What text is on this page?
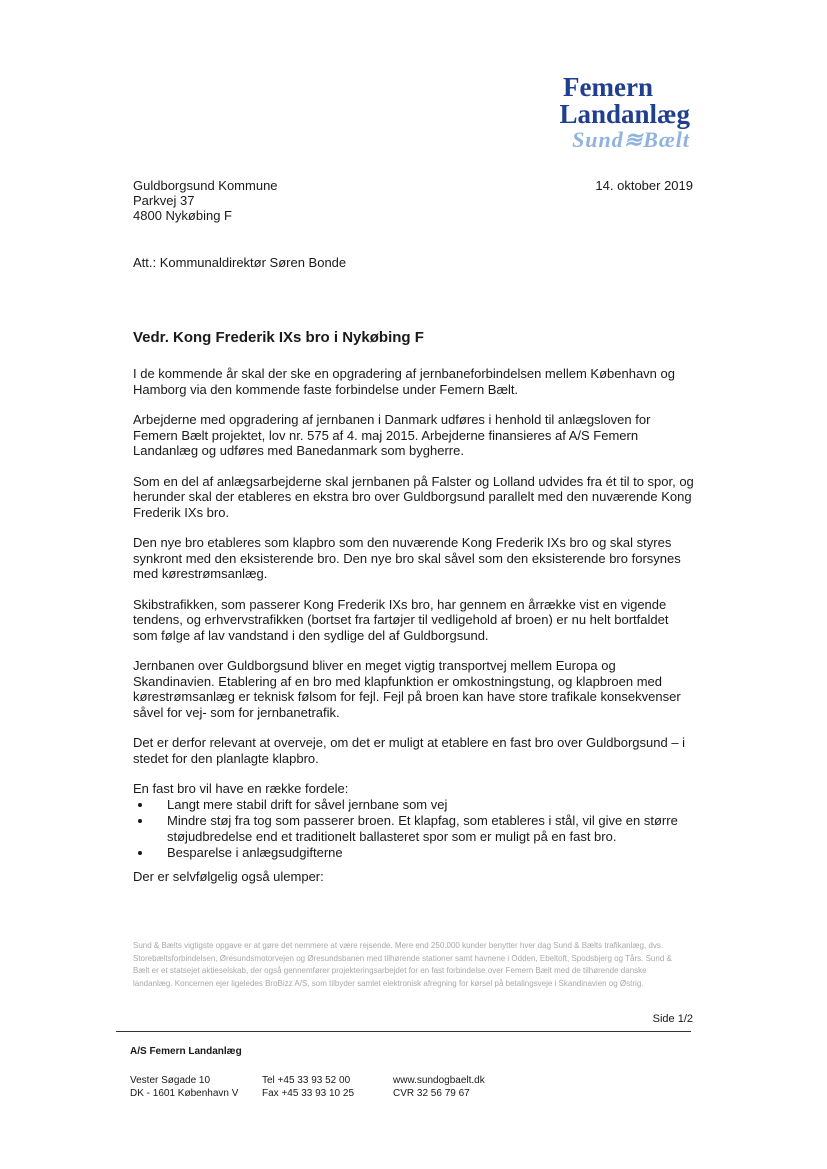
Femern
Landanlæg
Sund≋Bælt
Guldborgsund Kommune
Parkvej 37
4800 Nykøbing F
14. oktober 2019
Att.: Kommunaldirektør Søren Bonde
Vedr. Kong Frederik IXs bro i Nykøbing F

I de kommende år skal der ske en opgradering af jernbaneforbindelsen mellem København og Hamborg via den kommende faste forbindelse under Femern Bælt.

Arbejderne med opgradering af jernbanen i Danmark udføres i henhold til anlægsloven for Femern Bælt projektet, lov nr. 575 af 4. maj 2015. Arbejderne finansieres af A/S Femern Landanlæg og udføres med Banedanmark som bygherre.

Som en del af anlægsarbejderne skal jernbanen på Falster og Lolland udvides fra ét til to spor, og herunder skal der etableres en ekstra bro over Guldborgsund parallelt med den nuværende Kong Frederik IXs bro.

Den nye bro etableres som klapbro som den nuværende Kong Frederik IXs bro og skal styres synkront med den eksisterende bro. Den nye bro skal såvel som den eksisterende bro forsynes med kørestrømsanlæg.

Skibstrafikken, som passerer Kong Frederik IXs bro, har gennem en årrække vist en vigende tendens, og erhvervstrafikken (bortset fra fartøjer til vedligehold af broen) er nu helt bortfaldet som følge af lav vandstand i den sydlige del af Guldborgsund.

Jernbanen over Guldborgsund bliver en meget vigtig transportvej mellem Europa og Skandinavien. Etablering af en bro med klapfunktion er omkostningstung, og klapbroen med kørestrømsanlæg er teknisk følsom for fejl. Fejl på broen kan have store trafikale konsekvenser såvel for vej- som for jernbanetrafik.

Det er derfor relevant at overveje, om det er muligt at etablere en fast bro over Guldborgsund – i stedet for den planlagte klapbro.

En fast bro vil have en række fordele:

• Langt mere stabil drift for såvel jernbane som vej
• Mindre støj fra tog som passerer broen. Et klapfag, som etableres i stål, vil give en større støjudbredelse end et traditionelt ballasteret spor som er muligt på en fast bro.
• Besparelse i anlægsudgifterne

Der er selvfølgelig også ulemper:

Sund & Bælts vigtigste opgave er at gøre det nemmere at være rejsende. Mere end 250.000 kunder benytter hver dag Sund & Bælts trafikanlæg, dvs. Storebæltsforbindelsen, Øresundsmotorvejen og Øresundsbanen med tilhørende stationer samt havnene i Odden, Ebeltoft, Spodsbjerg og Tårs. Sund & Bælt er et statsejet aktieselskab, der også gennemfører projekteringsarbejdet for en fast forbindelse over Femern Bælt med de tilhørende danske landanlæg. Koncernen ejer ligeledes BroBizz A/S, som tilbyder samlet elektronisk afregning for kørsel på betalingsveje i Skandinavien og Østrig.
Side 1/2
A/S Femern Landanlæg
Vester Søgade 10
DK - 1601 København V
Tel +45 33 93 52 00
Fax +45 33 93 10 25
www.sundogbaelt.dk
CVR 32 56 79 67
